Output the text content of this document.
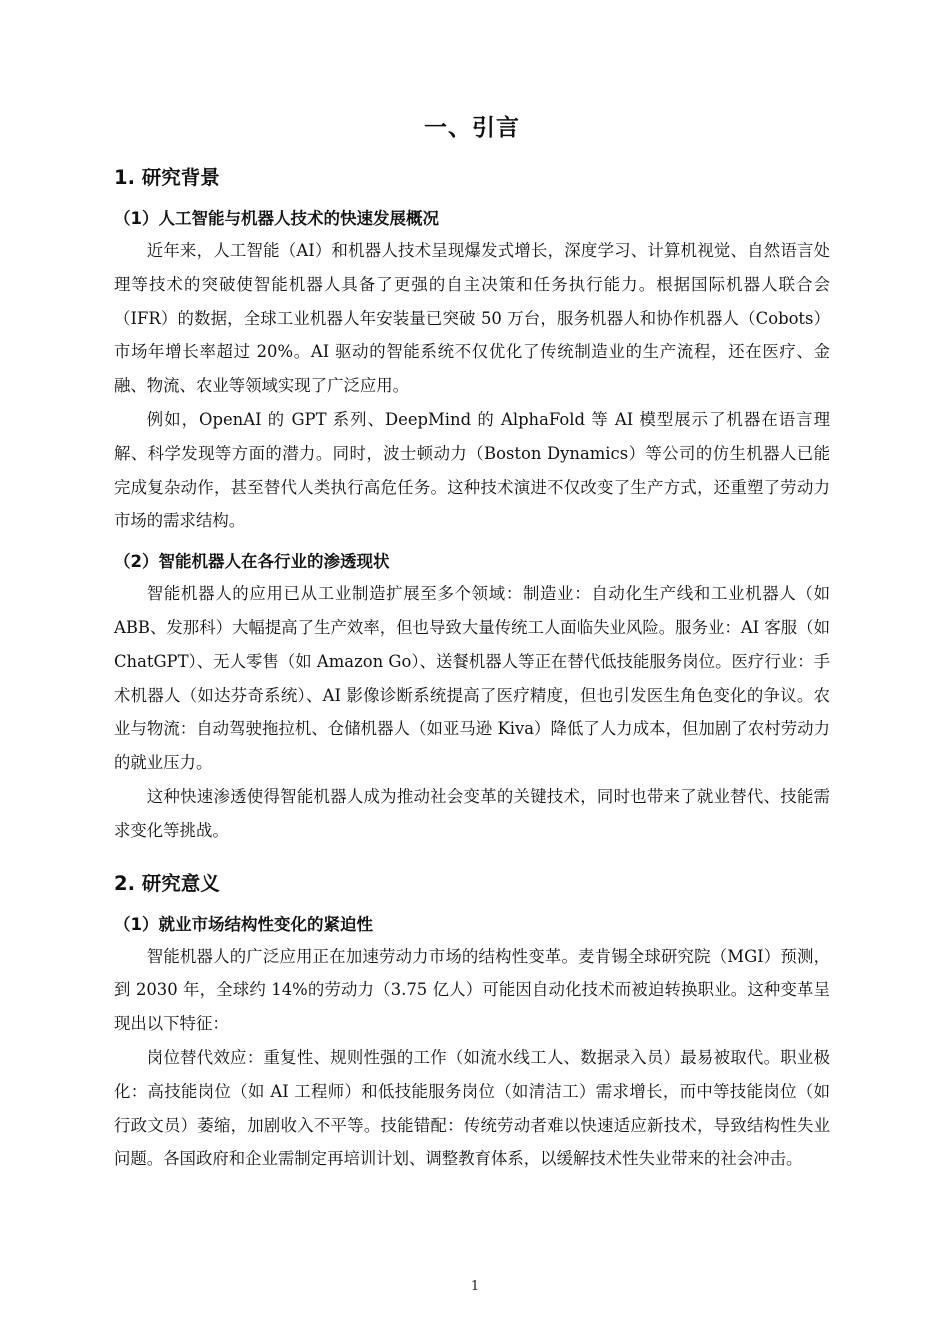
一、引言
1. 研究背景
（1）人工智能与机器人技术的快速发展概况

近年来，人工智能（AI）和机器人技术呈现爆发式增长，深度学习、计算机视觉、自然语言处理等技术的突破使智能机器人具备了更强的自主决策和任务执行能力。根据国际机器人联合会（IFR）的数据，全球工业机器人年安装量已突破 50 万台，服务机器人和协作机器人（Cobots）市场年增长率超过 20%。AI 驱动的智能系统不仅优化了传统制造业的生产流程，还在医疗、金融、物流、农业等领域实现了广泛应用。

例如，OpenAI 的 GPT 系列、DeepMind 的 AlphaFold 等 AI 模型展示了机器在语言理解、科学发现等方面的潜力。同时，波士顿动力（Boston Dynamics）等公司的仿生机器人已能完成复杂动作，甚至替代人类执行高危任务。这种技术演进不仅改变了生产方式，还重塑了劳动力市场的需求结构。

（2）智能机器人在各行业的渗透现状

智能机器人的应用已从工业制造扩展至多个领域：制造业：自动化生产线和工业机器人（如 ABB、发那科）大幅提高了生产效率，但也导致大量传统工人面临失业风险。服务业：AI 客服（如 ChatGPT）、无人零售（如 Amazon Go）、送餐机器人等正在替代低技能服务岗位。医疗行业：手术机器人（如达芬奇系统）、AI 影像诊断系统提高了医疗精度，但也引发医生角色变化的争议。农业与物流：自动驾驶拖拉机、仓储机器人（如亚马逊 Kiva）降低了人力成本，但加剧了农村劳动力的就业压力。

这种快速渗透使得智能机器人成为推动社会变革的关键技术，同时也带来了就业替代、技能需求变化等挑战。

2. 研究意义
（1）就业市场结构性变化的紧迫性

智能机器人的广泛应用正在加速劳动力市场的结构性变革。麦肯锡全球研究院（MGI）预测，到 2030 年，全球约 14%的劳动力（3.75 亿人）可能因自动化技术而被迫转换职业。这种变革呈现出以下特征：

岗位替代效应：重复性、规则性强的工作（如流水线工人、数据录入员）最易被取代。职业极化：高技能岗位（如 AI 工程师）和低技能服务岗位（如清洁工）需求增长，而中等技能岗位（如行政文员）萎缩，加剧收入不平等。技能错配：传统劳动者难以快速适应新技术，导致结构性失业问题。各国政府和企业需制定再培训计划、调整教育体系，以缓解技术性失业带来的社会冲击。

1
